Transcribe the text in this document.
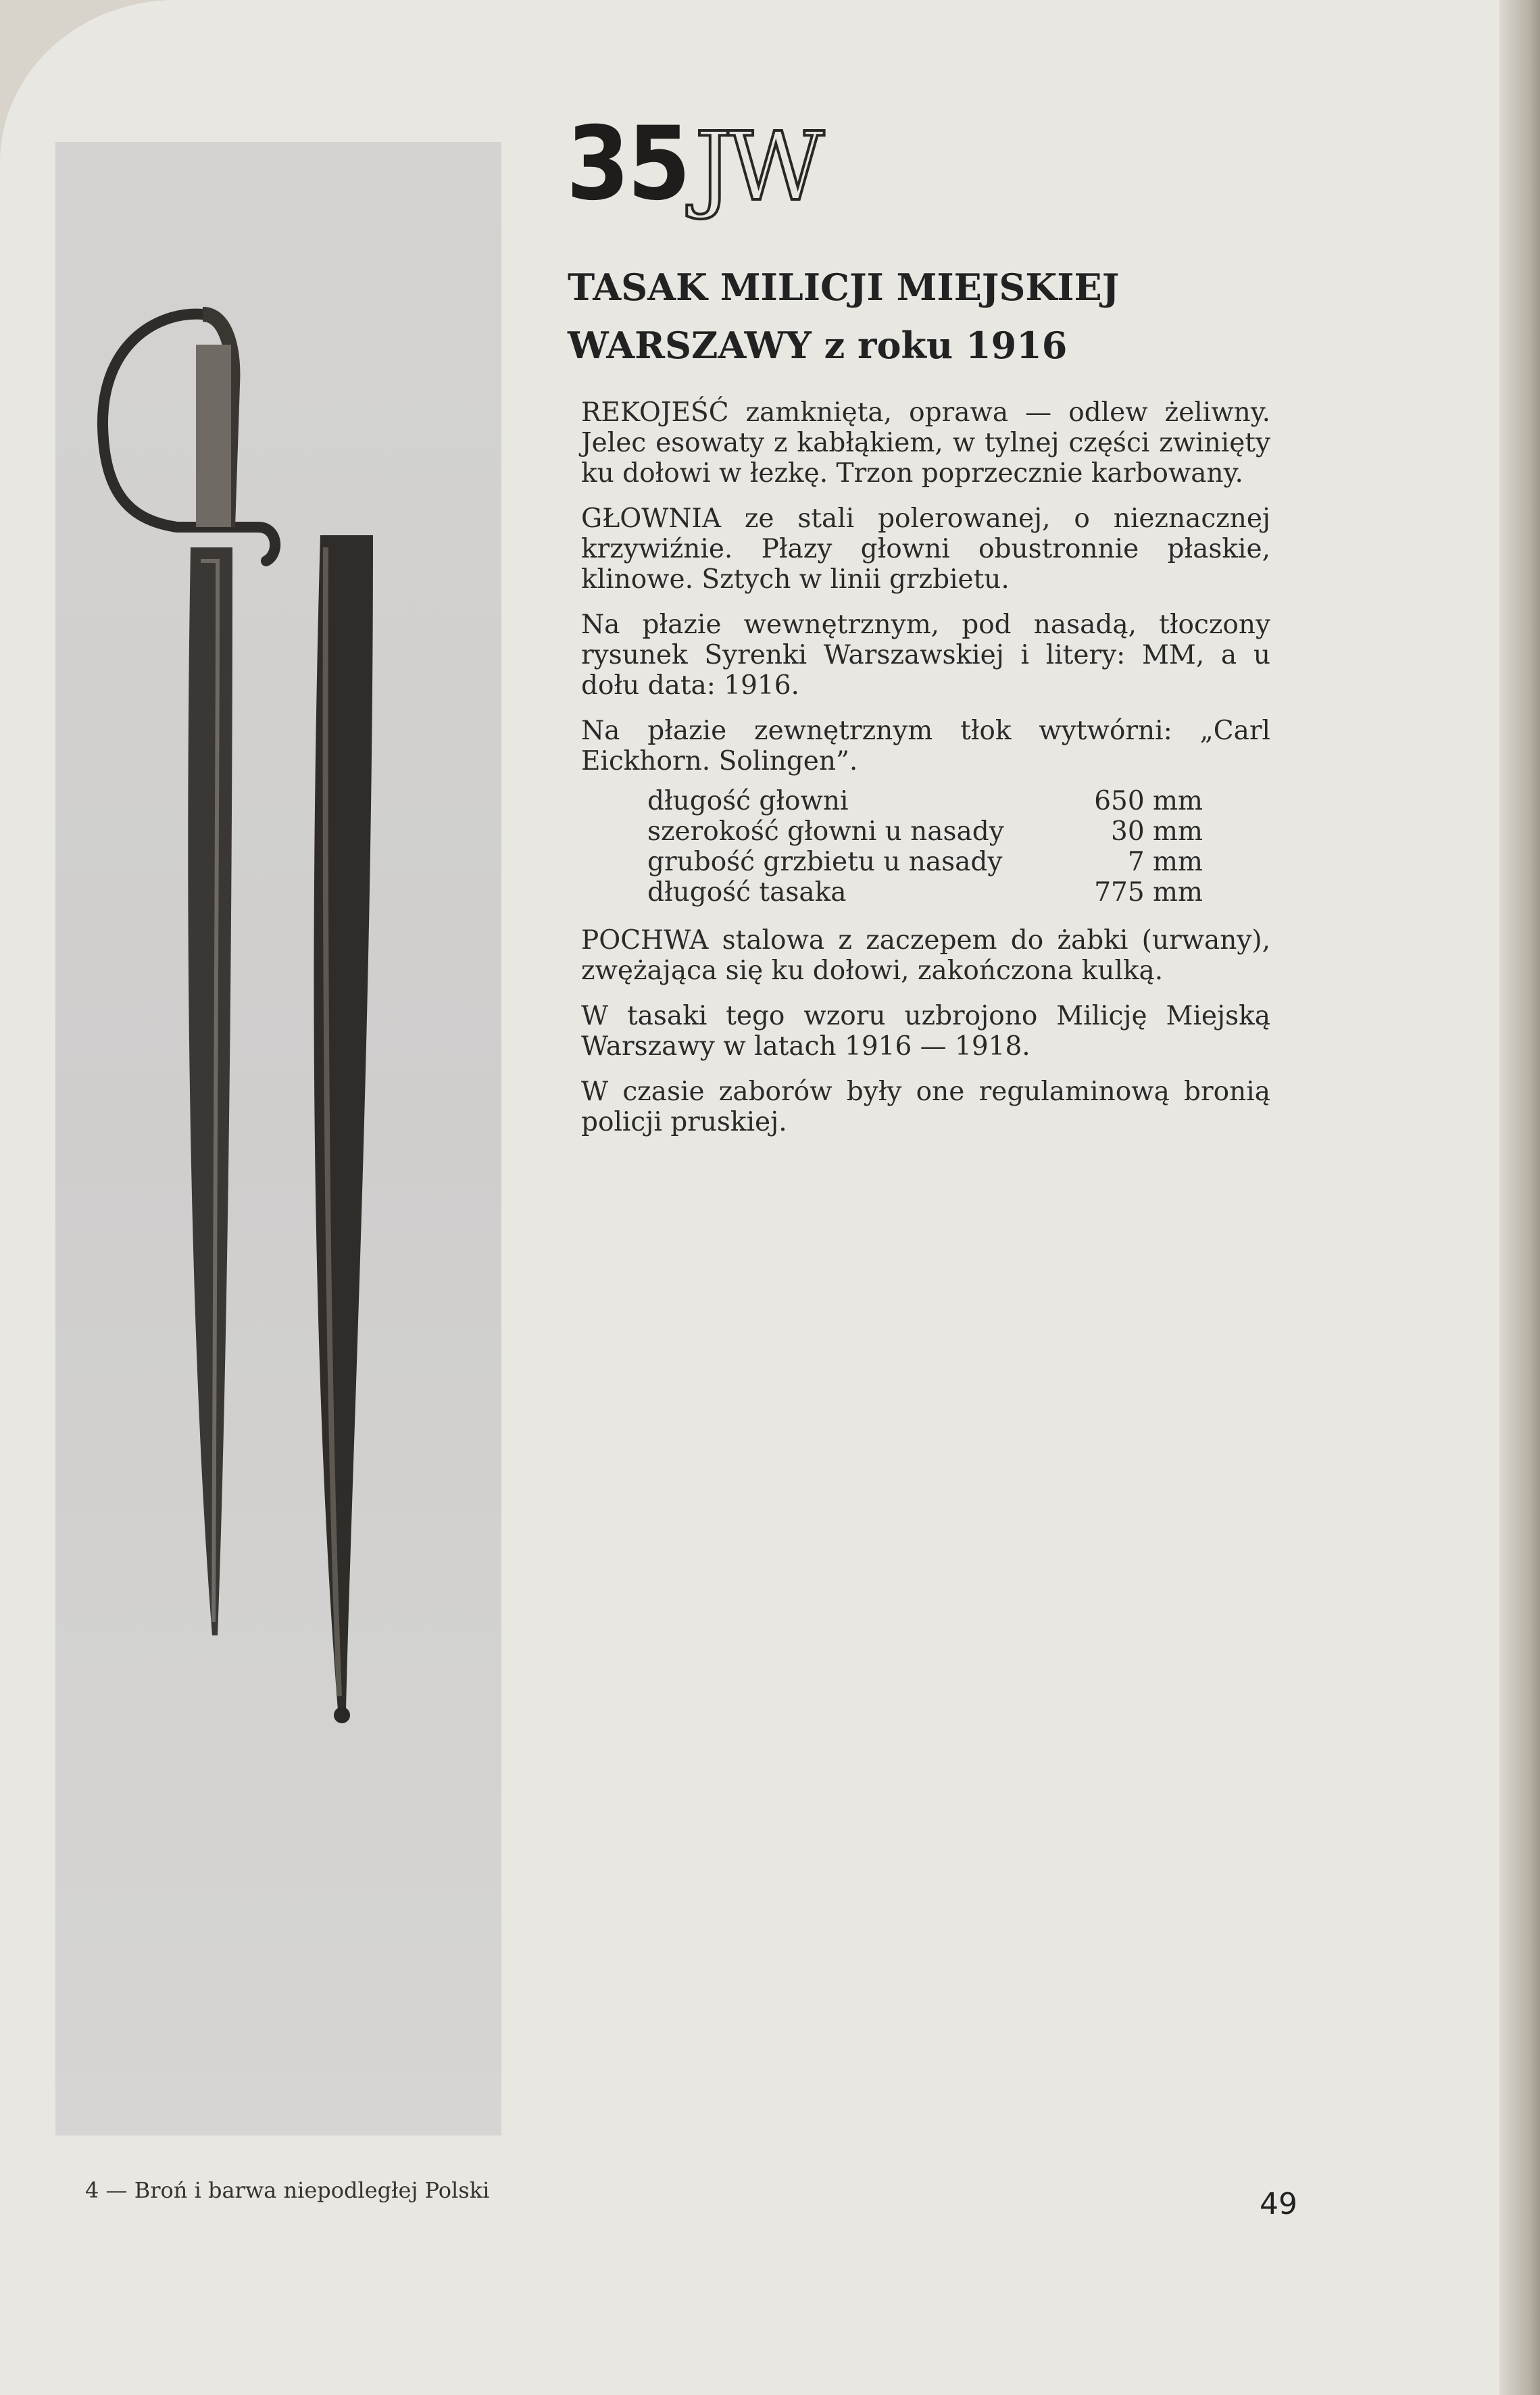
35 JW
TASAK MILICJI MIEJSKIEJ
WARSZAWY z roku 1916

REKOJEŚĆ zamknięta, oprawa — odlew żeliwny. Jelec esowaty z kabłąkiem, w tylnej części zwinięty ku dołowi w łezkę. Trzon poprzecznie karbowany.

GŁOWNIA ze stali polerowanej, o nieznacznej krzywiźnie. Płazy głowni obustronnie płaskie, klinowe. Sztych w linii grzbietu.

Na płazie wewnętrznym, pod nasadą, tłoczony rysunek Syrenki Warszawskiej i litery: MM, a u dołu data: 1916.

Na płazie zewnętrznym tłok wytwórni: „Carl Eickhorn. Solingen”.

długość głowni	650 mm
szerokość głowni u nasady	30 mm
grubość grzbietu u nasady	7 mm
długość tasaka	775 mm

POCHWA stalowa z zaczepem do żabki (urwany), zwężająca się ku dołowi, zakończona kulką.

W tasaki tego wzoru uzbrojono Milicję Miejską Warszawy w latach 1916 — 1918.

W czasie zaborów były one regulaminową bronią policji pruskiej.

4 — Broń i barwa niepodległej Polski	49
